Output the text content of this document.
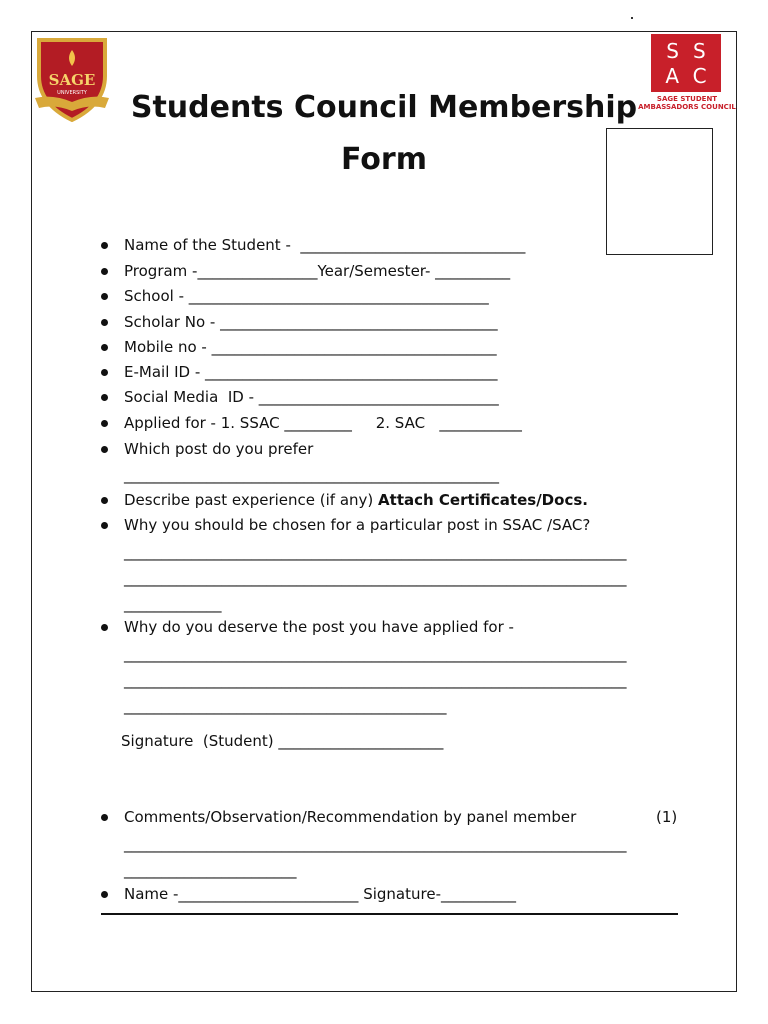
SAGE
UNIVERSITY
SS
AC
SAGE STUDENT
AMBASSADORS COUNCIL
Students Council Membership
Form
Name of the Student -  ______________________________
Program -________________Year/Semester- __________
School - ________________________________________
Scholar No - _____________________________________
Mobile no - ______________________________________
E-Mail ID - _______________________________________
Social Media  ID - ________________________________
Applied for - 1. SSAC _________     2. SAC   ___________
Which post do you prefer
__________________________________________________
Describe past experience (if any) Attach Certificates/Docs.
Why you should be chosen for a particular post in SSAC /SAC?
___________________________________________________________________
___________________________________________________________________
_____________
Why do you deserve the post you have applied for -
___________________________________________________________________
___________________________________________________________________
___________________________________________
Signature  (Student) ______________________
Comments/Observation/Recommendation by panel member	(1)
___________________________________________________________________
_______________________
Name -________________________ Signature-__________
